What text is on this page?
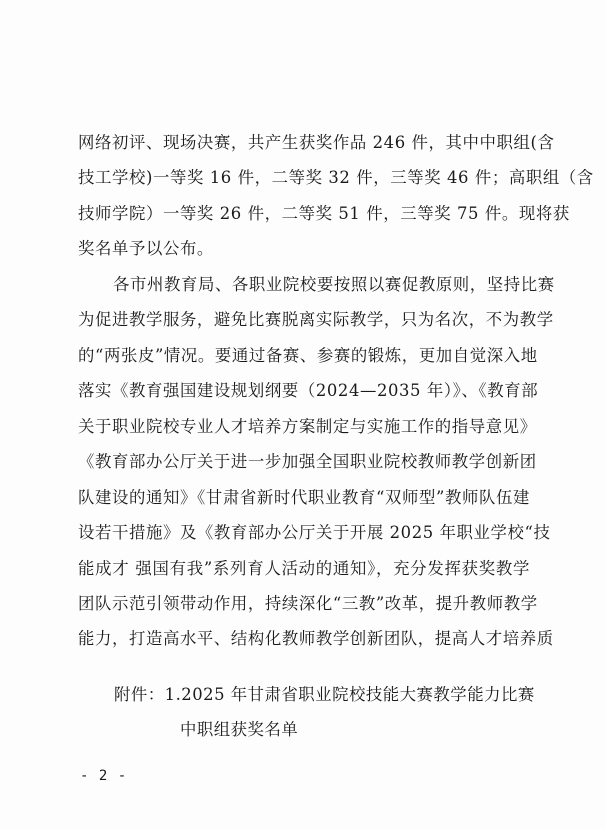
网络初评、现场决赛，共产生获奖作品 246 件，其中中职组(含
技工学校)一等奖 16 件，二等奖 32 件，三等奖 46 件；高职组（含
技师学院）一等奖 26 件，二等奖 51 件，三等奖 75 件。现将获
奖名单予以公布。
各市州教育局、各职业院校要按照以赛促教原则，坚持比赛
为促进教学服务，避免比赛脱离实际教学，只为名次，不为教学
的“两张皮”情况。要通过备赛、参赛的锻炼，更加自觉深入地
落实《教育强国建设规划纲要（2024—2035 年）》、《教育部
关于职业院校专业人才培养方案制定与实施工作的指导意见》
《教育部办公厅关于进一步加强全国职业院校教师教学创新团
队建设的通知》《甘肃省新时代职业教育“双师型”教师队伍建
设若干措施》及《教育部办公厅关于开展 2025 年职业学校“技
能成才 强国有我”系列育人活动的通知》，充分发挥获奖教学
团队示范引领带动作用，持续深化“三教”改革，提升教师教学
能力，打造高水平、结构化教师教学创新团队，提高人才培养质
附件：1.2025 年甘肃省职业院校技能大赛教学能力比赛
中职组获奖名单
- 2 -
